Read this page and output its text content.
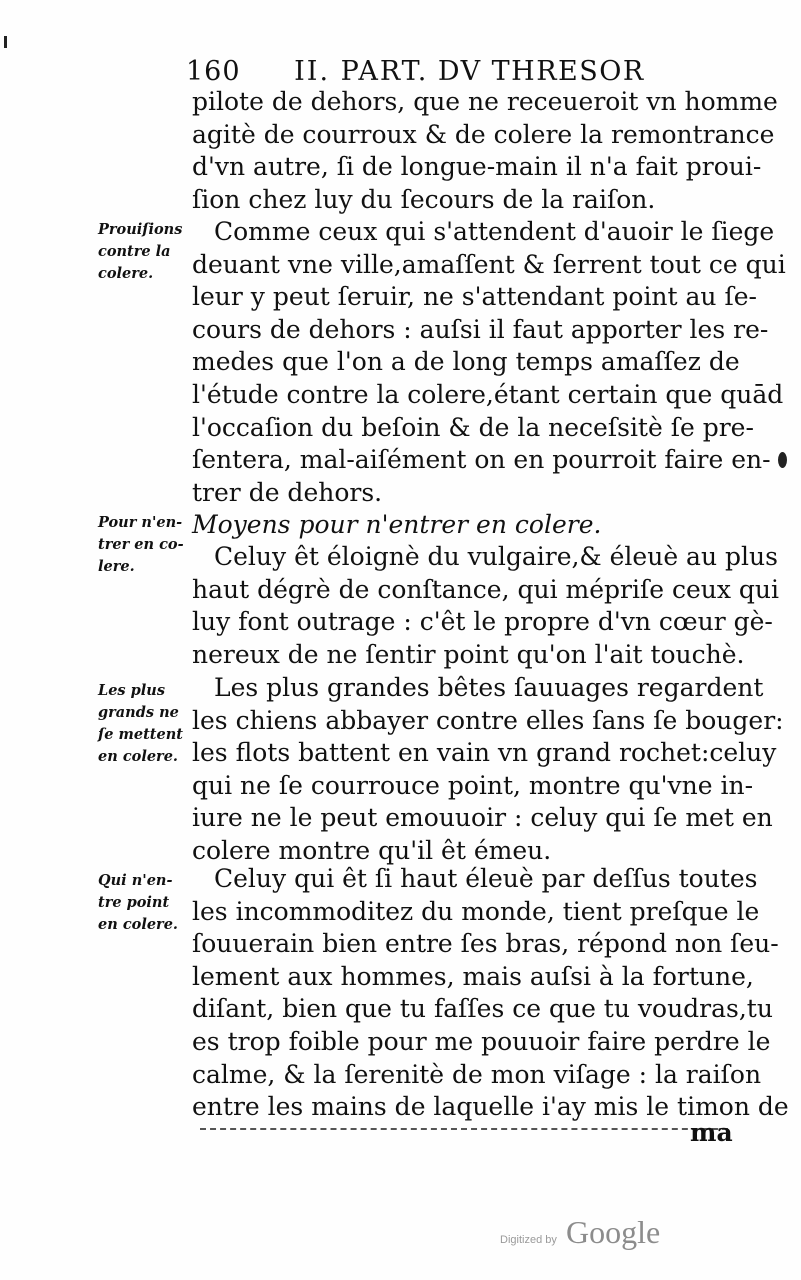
160 II. PART. DV THRESOR
pilote de dehors, que ne receueroit vn homme
agitè de courroux & de colere la remontrance
d'vn autre, ſi de longue-main il n'a fait proui-
ſion chez luy du ſecours de la raiſon.
Comme ceux qui s'attendent d'auoir le ſiege
deuant vne ville,amaſſent & ſerrent tout ce qui
leur y peut ſeruir, ne s'attendant point au ſe-
cours de dehors : auſsi il faut apporter les re-
medes que l'on a de long temps amaſſez de
l'étude contre la colere,étant certain que quād
l'occaſion du beſoin & de la neceſsitè ſe pre-
ſentera, mal-aiſément on en pourroit faire en-
trer de dehors.
Moyens pour n'entrer en colere.
Celuy êt éloignè du vulgaire,& éleuè au plus
haut dégrè de conſtance, qui mépriſe ceux qui
luy font outrage : c'êt le propre d'vn cœur gè-
nereux de ne ſentir point qu'on l'ait touchè.
Les plus grandes bêtes ſauuages regardent
les chiens abbayer contre elles ſans ſe bouger:
les flots battent en vain vn grand rochet:celuy
qui ne ſe courrouce point, montre qu'vne in-
iure ne le peut emouuoir : celuy qui ſe met en
colere montre qu'il êt émeu.
Celuy qui êt ſi haut éleuè par deſſus toutes
les incommoditez du monde, tient preſque le
ſouuerain bien entre ſes bras, répond non ſeu-
lement aux hommes, mais auſsi à la fortune,
diſant, bien que tu faſſes ce que tu voudras,tu
es trop foible pour me pouuoir faire perdre le
calme, & la ſerenitè de mon viſage : la raiſon
entre les mains de laquelle i'ay mis le timon de
ma
Prouiſions
contre la
colere.
Pour n'en-
trer en co-
lere.
Les plus
grands ne
ſe mettent
en colere.
Qui n'en-
tre point
en colere.
Digitized by Google
